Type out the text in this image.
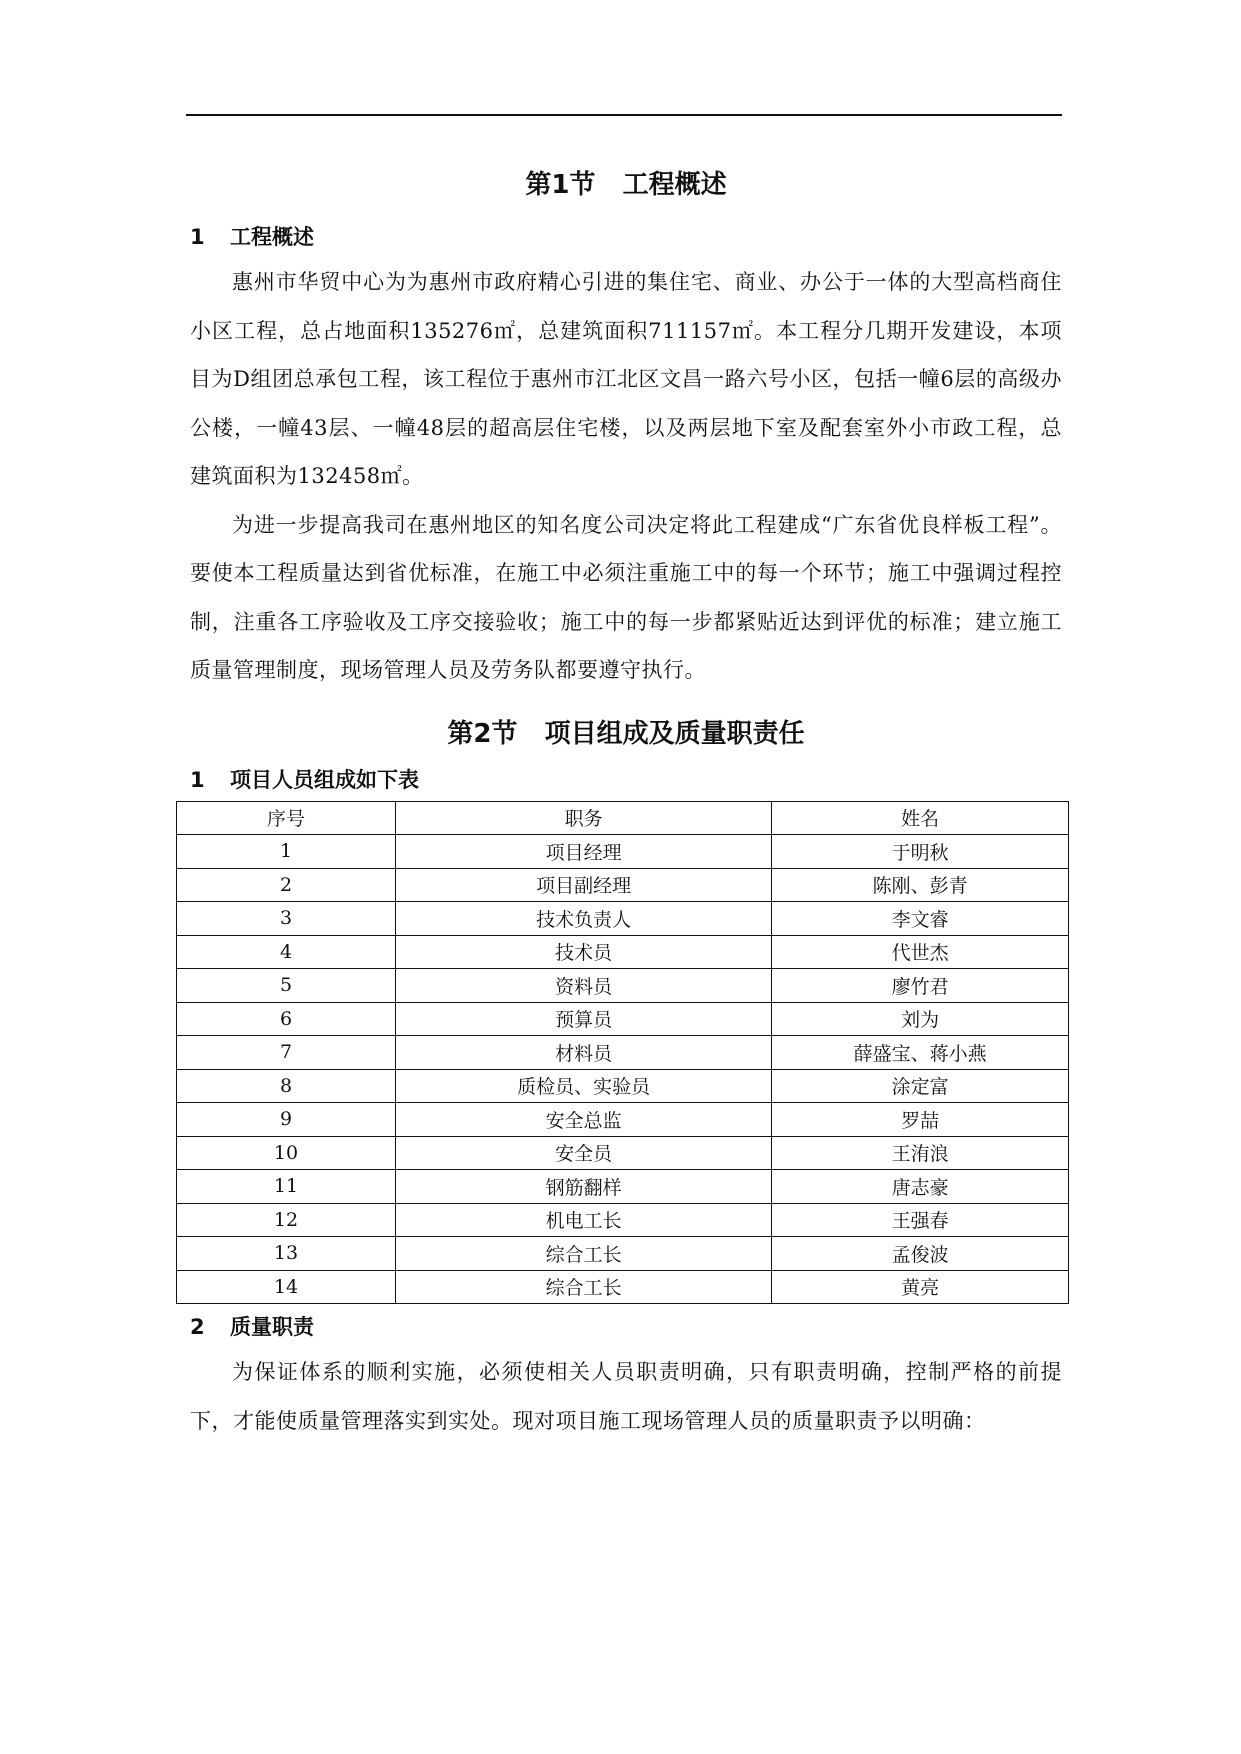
第1节 工程概述
1 工程概述

惠州市华贸中心为为惠州市政府精心引进的集住宅、商业、办公于一体的大型高档商住小区工程，总占地面积135276㎡，总建筑面积711157㎡。本工程分几期开发建设，本项目为D组团总承包工程，该工程位于惠州市江北区文昌一路六号小区，包括一幢6层的高级办公楼，一幢43层、一幢48层的超高层住宅楼，以及两层地下室及配套室外小市政工程，总建筑面积为132458㎡。

为进一步提高我司在惠州地区的知名度公司决定将此工程建成“广东省优良样板工程”。要使本工程质量达到省优标准，在施工中必须注重施工中的每一个环节；施工中强调过程控制，注重各工序验收及工序交接验收；施工中的每一步都紧贴近达到评优的标准；建立施工质量管理制度，现场管理人员及劳务队都要遵守执行。

第2节 项目组成及质量职责任
1 项目人员组成如下表
序号	职务	姓名
1	项目经理	于明秋
2	项目副经理	陈刚、彭青
3	技术负责人	李文睿
4	技术员	代世杰
5	资料员	廖竹君
6	预算员	刘为
7	材料员	薛盛宝、蒋小燕
8	质检员、实验员	涂定富
9	安全总监	罗喆
10	安全员	王洧浪
11	钢筋翻样	唐志豪
12	机电工长	王强春
13	综合工长	孟俊波
14	综合工长	黄亮
2 质量职责

为保证体系的顺利实施，必须使相关人员职责明确，只有职责明确，控制严格的前提下，才能使质量管理落实到实处。现对项目施工现场管理人员的质量职责予以明确：
